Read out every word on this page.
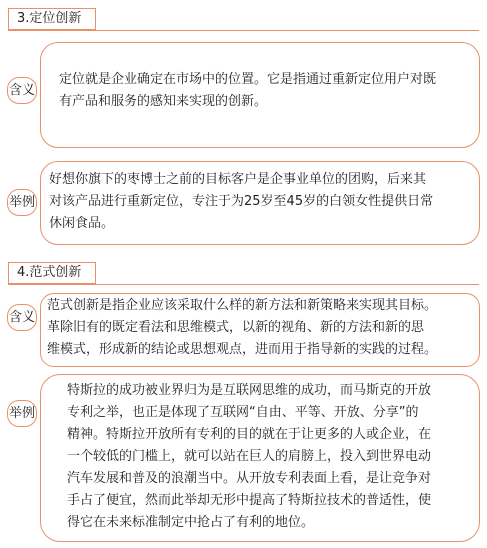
3.定位创新

定位就是企业确定在市场中的位置。它是指通过重新定位用户对既

有产品和服务的感知来实现的创新。

含义

好想你旗下的枣博士之前的目标客户是企事业单位的团购，后来其

对该产品进行重新定位，专注于为25岁至45岁的白领女性提供日常

休闲食品。

举例
4.范式创新

范式创新是指企业应该采取什么样的新方法和新策略来实现其目标。

革除旧有的既定看法和思维模式，以新的视角、新的方法和新的思

维模式，形成新的结论或思想观点，进而用于指导新的实践的过程。

含义

特斯拉的成功被业界归为是互联网思维的成功，而马斯克的开放

专利之举，也正是体现了互联网“自由、平等、开放、分享”的

精神。特斯拉开放所有专利的目的就在于让更多的人或企业，在

一个较低的门槛上，就可以站在巨人的肩膀上，投入到世界电动

汽车发展和普及的浪潮当中。从开放专利表面上看，是让竞争对

手占了便宜，然而此举却无形中提高了特斯拉技术的普适性，使

得它在未来标准制定中抢占了有利的地位。

举例
